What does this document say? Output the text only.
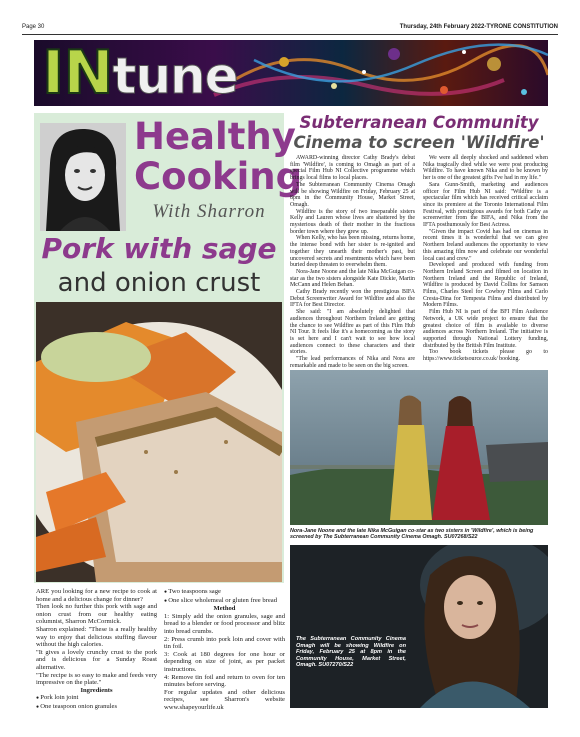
Page 30	Thursday, 24th February 2022-TYRONE CONSTITUTION
INtune
Healthy
Cooking
With Sharron
Pork with sage
and onion crust

ARE you looking for a new recipe to cook at home and a delicious change for dinner?

Then look no further this pork with sage and onion crust from our healthy eating columnist, Sharron McCormick.

Sharron explained: "These is a really healthy way to enjoy that delicious stuffing flavour without the high calories.

"It gives a lovely crunchy crust to the pork and is delicious for a Sunday Roast alternative.

"The recipe is so easy to make and feeds very impressive on the plate."

Ingredients

● Pork loin joint

● One teaspoon onion granules

● Two teaspoons sage

● One slice wholemeal or gluten free bread

Method

1: Simply add the onion granules, sage and bread to a blender or food processor and blitz into bread crumbs.

2: Press crumb into pork loin and cover with tin foil.

3: Cook at 180 degrees for one hour or depending on size of joint, as per packet instructions.

4: Remove tin foil and return to oven for ten minutes before serving.

For regular updates and other delicious recipes, see Sharron's website www.shapeyourlife.uk

Subterranean Community
Cinema to screen 'Wildfire'

AWARD-winning director Cathy Brady's debut film 'Wildfire', is coming to Omagh as part of a special Film Hub NI Collective programme which brings local films to local places.

The Subterranean Community Cinema Omagh will be showing Wildfire on Friday, February 25 at 8pm in the Community House, Market Street, Omagh.

Wildfire is the story of two inseparable sisters Kelly and Lauren whose lives are shattered by the mysterious death of their mother in the fractious border town where they grew up.

When Kelly, who has been missing, returns home, the intense bond with her sister is re-ignited and together they unearth their mother's past, but uncovered secrets and resentments which have been buried deep threaten to overwhelm them.

Nora-Jane Noone and the late Nika McGuigan co-star as the two sisters alongside Kate Dickie, Martin McCann and Helen Behan.

Cathy Brady recently won the prestigious BIFA Debut Screenwriter Award for Wildfire and also the IFTA for Best Director.

She said: "I am absolutely delighted that audiences throughout Northern Ireland are getting the chance to see Wildfire as part of this Film Hub NI Tour. It feels like it's a homecoming as the story is set here and I can't wait to see how local audiences connect to these characters and their stories.

"The lead performances of Nika and Nora are remarkable and made to be seen on the big screen.

We were all deeply shocked and saddened when Nika tragically died while we were post producing Wildfire. To have known Nika and to be known by her is one of the greatest gifts I've had in my life."

Sara Gunn-Smith, marketing and audiences officer for Film Hub NI said: "Wildfire is a spectacular film which has received critical acclaim since its premiere at the Toronto International Film Festival, with prestigious awards for both Cathy as screenwriter from the BIFA, and Nika from the IFTA posthumously for Best Actress.

"Given the impact Covid has had on cinemas in recent times it is wonderful that we can give Northern Ireland audiences the opportunity to view this amazing film now and celebrate our wonderful local cast and crew."

Developed and produced with funding from Northern Ireland Screen and filmed on location in Northern Ireland and the Republic of Ireland, Wildfire is produced by David Collins for Samson Films, Charles Steel for Cowboy Films and Carlo Cresta-Dina for Tempesta Films and distributed by Modern Films.

Film Hub NI is part of the BFI Film Audience Network, a UK wide project to ensure that the greatest choice of film is available to diverse audiences across Northern Ireland. The initiative is supported through National Lottery funding, distributed by the British Film Institute.

Too book tickets please go to https://www.ticketsource.co.uk/ booking.

Nora-Jane Noone and the late Nika McGuigan co-star as two sisters in 'Wildfire', which is being screened by The Subterranean Community Cinema Omagh. SU07268/S22
The Subterranean Community Cinema Omagh will be showing Wildfire on Friday, February 25 at 8pm in the Community House, Market Street, Omagh. SU07270/S22
